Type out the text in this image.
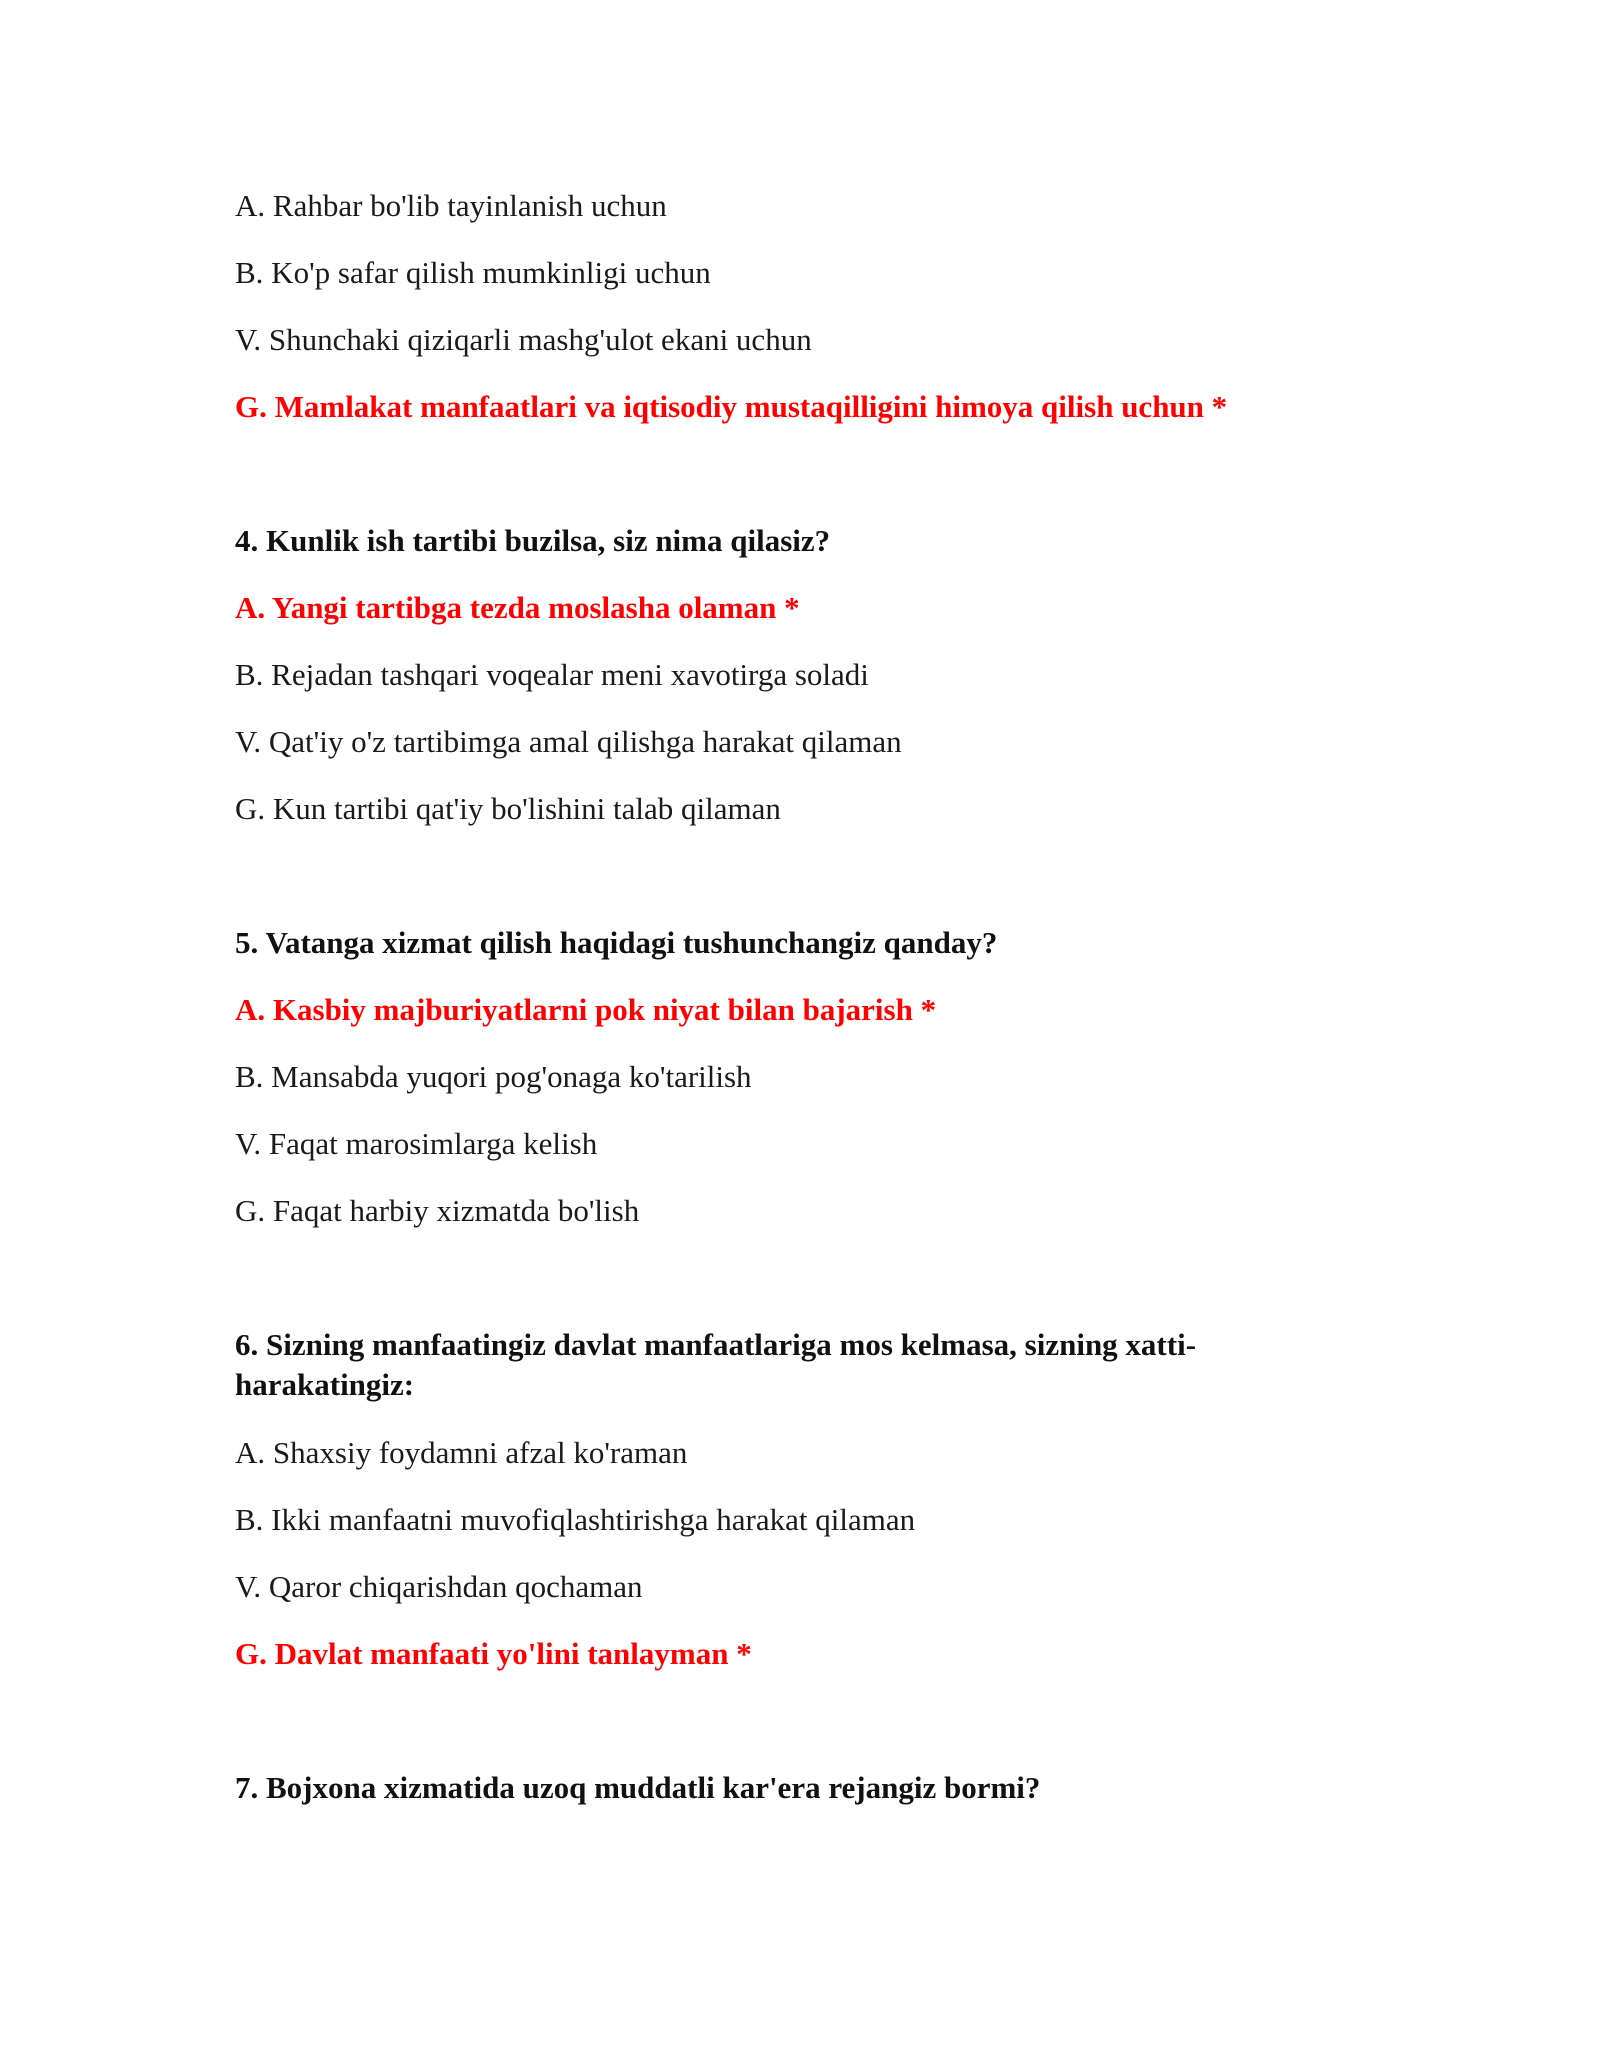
A. Rahbar bo'lib tayinlanish uchun
B. Ko'p safar qilish mumkinligi uchun
V. Shunchaki qiziqarli mashg'ulot ekani uchun
G. Mamlakat manfaatlari va iqtisodiy mustaqilligini himoya qilish uchun *
4. Kunlik ish tartibi buzilsa, siz nima qilasiz?
A. Yangi tartibga tezda moslasha olaman *
B. Rejadan tashqari voqealar meni xavotirga soladi
V. Qat'iy o'z tartibimga amal qilishga harakat qilaman
G. Kun tartibi qat'iy bo'lishini talab qilaman
5. Vatanga xizmat qilish haqidagi tushunchangiz qanday?
A. Kasbiy majburiyatlarni pok niyat bilan bajarish *
B. Mansabda yuqori pog'onaga ko'tarilish
V. Faqat marosimlarga kelish
G. Faqat harbiy xizmatda bo'lish
6. Sizning manfaatingiz davlat manfaatlariga mos kelmasa, sizning xatti-harakatingiz:
A. Shaxsiy foydamni afzal ko'raman
B. Ikki manfaatni muvofiqlashtirishga harakat qilaman
V. Qaror chiqarishdan qochaman
G. Davlat manfaati yo'lini tanlayman *
7. Bojxona xizmatida uzoq muddatli kar'era rejangiz bormi?
